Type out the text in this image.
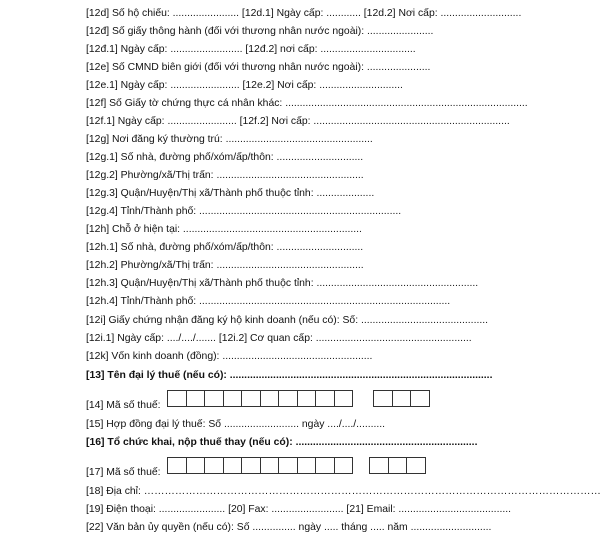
[12d] Số hộ chiếu: ....................... [12d.1] Ngày cấp: ............ [12d.2] Nơi cấp: ............................
[12đ] Số giấy thông hành (đối với thương nhân nước ngoài): .......................
[12đ.1] Ngày cấp: ......................... [12đ.2] nơi cấp: .................................
[12e] Số CMND biên giới (đối với thương nhân nước ngoài): ......................
[12e.1] Ngày cấp: ........................ [12e.2] Nơi cấp: .............................
[12f] Số Giấy tờ chứng thực cá nhân khác: ....................................................................................
[12f.1] Ngày cấp: ........................ [12f.2] Nơi cấp: ....................................................................
[12g] Nơi đăng ký thường trú: ...................................................
[12g.1] Số nhà, đường phố/xóm/ấp/thôn: ..............................
[12g.2] Phường/xã/Thị trấn: ...................................................
[12g.3] Quận/Huyện/Thị xã/Thành phố thuộc tỉnh: ....................
[12g.4] Tỉnh/Thành phố: ......................................................................
[12h] Chỗ ở hiện tại: ..............................................................
[12h.1] Số nhà, đường phố/xóm/ấp/thôn: ..............................
[12h.2] Phường/xã/Thị trấn: ...................................................
[12h.3] Quận/Huyện/Thị xã/Thành phố thuộc tỉnh: ........................................................
[12h.4] Tỉnh/Thành phố: .......................................................................................
[12i] Giấy chứng nhận đăng ký hộ kinh doanh (nếu có): Số: ............................................
[12i.1] Ngày cấp: ..../..../....... [12i.2] Cơ quan cấp: ......................................................
[12k] Vốn kinh doanh (đồng): ....................................................
[13] Tên đại lý thuế (nếu có): ...........................................................................................
[14] Mã số thuế:
[15] Hợp đồng đại lý thuế: Số .......................... ngày ..../..../..........
[16] Tổ chức khai, nộp thuế thay (nếu có): ...............................................................
[17] Mã số thuế:
[18] Địa chỉ: ……………………………………………………………………………………………………………………
[19] Điện thoại: ....................... [20] Fax: ......................... [21] Email: .......................................
[22] Văn bản ủy quyền (nếu có): Số ............... ngày ..... tháng ..... năm ............................
